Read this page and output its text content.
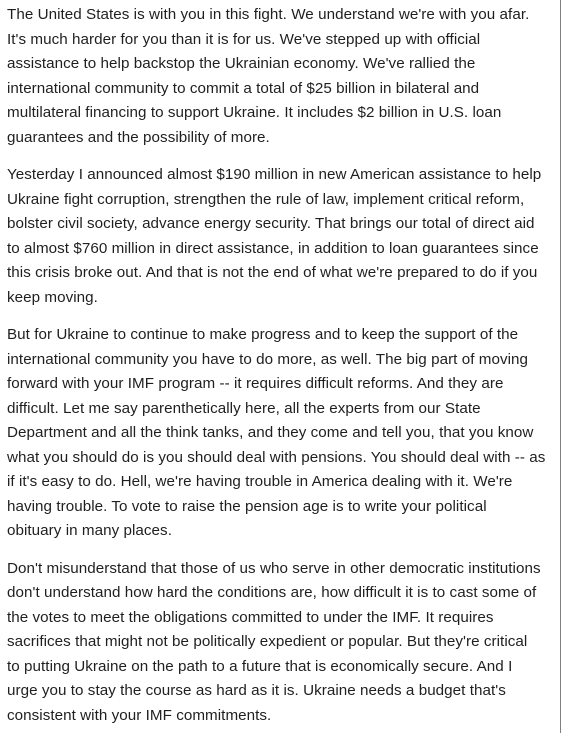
The United States is with you in this fight. We understand we're with you afar.
It's much harder for you than it is for us. We've stepped up with official
assistance to help backstop the Ukrainian economy. We've rallied the
international community to commit a total of $25 billion in bilateral and
multilateral financing to support Ukraine. It includes $2 billion in U.S. loan
guarantees and the possibility of more.

Yesterday I announced almost $190 million in new American assistance to help
Ukraine fight corruption, strengthen the rule of law, implement critical reform,
bolster civil society, advance energy security. That brings our total of direct aid
to almost $760 million in direct assistance, in addition to loan guarantees since
this crisis broke out. And that is not the end of what we're prepared to do if you
keep moving.

But for Ukraine to continue to make progress and to keep the support of the
international community you have to do more, as well. The big part of moving
forward with your IMF program -- it requires difficult reforms. And they are
difficult. Let me say parenthetically here, all the experts from our State
Department and all the think tanks, and they come and tell you, that you know
what you should do is you should deal with pensions. You should deal with -- as
if it's easy to do. Hell, we're having trouble in America dealing with it. We're
having trouble. To vote to raise the pension age is to write your political
obituary in many places.

Don't misunderstand that those of us who serve in other democratic institutions
don't understand how hard the conditions are, how difficult it is to cast some of
the votes to meet the obligations committed to under the IMF. It requires
sacrifices that might not be politically expedient or popular. But they're critical
to putting Ukraine on the path to a future that is economically secure. And I
urge you to stay the course as hard as it is. Ukraine needs a budget that's
consistent with your IMF commitments.
